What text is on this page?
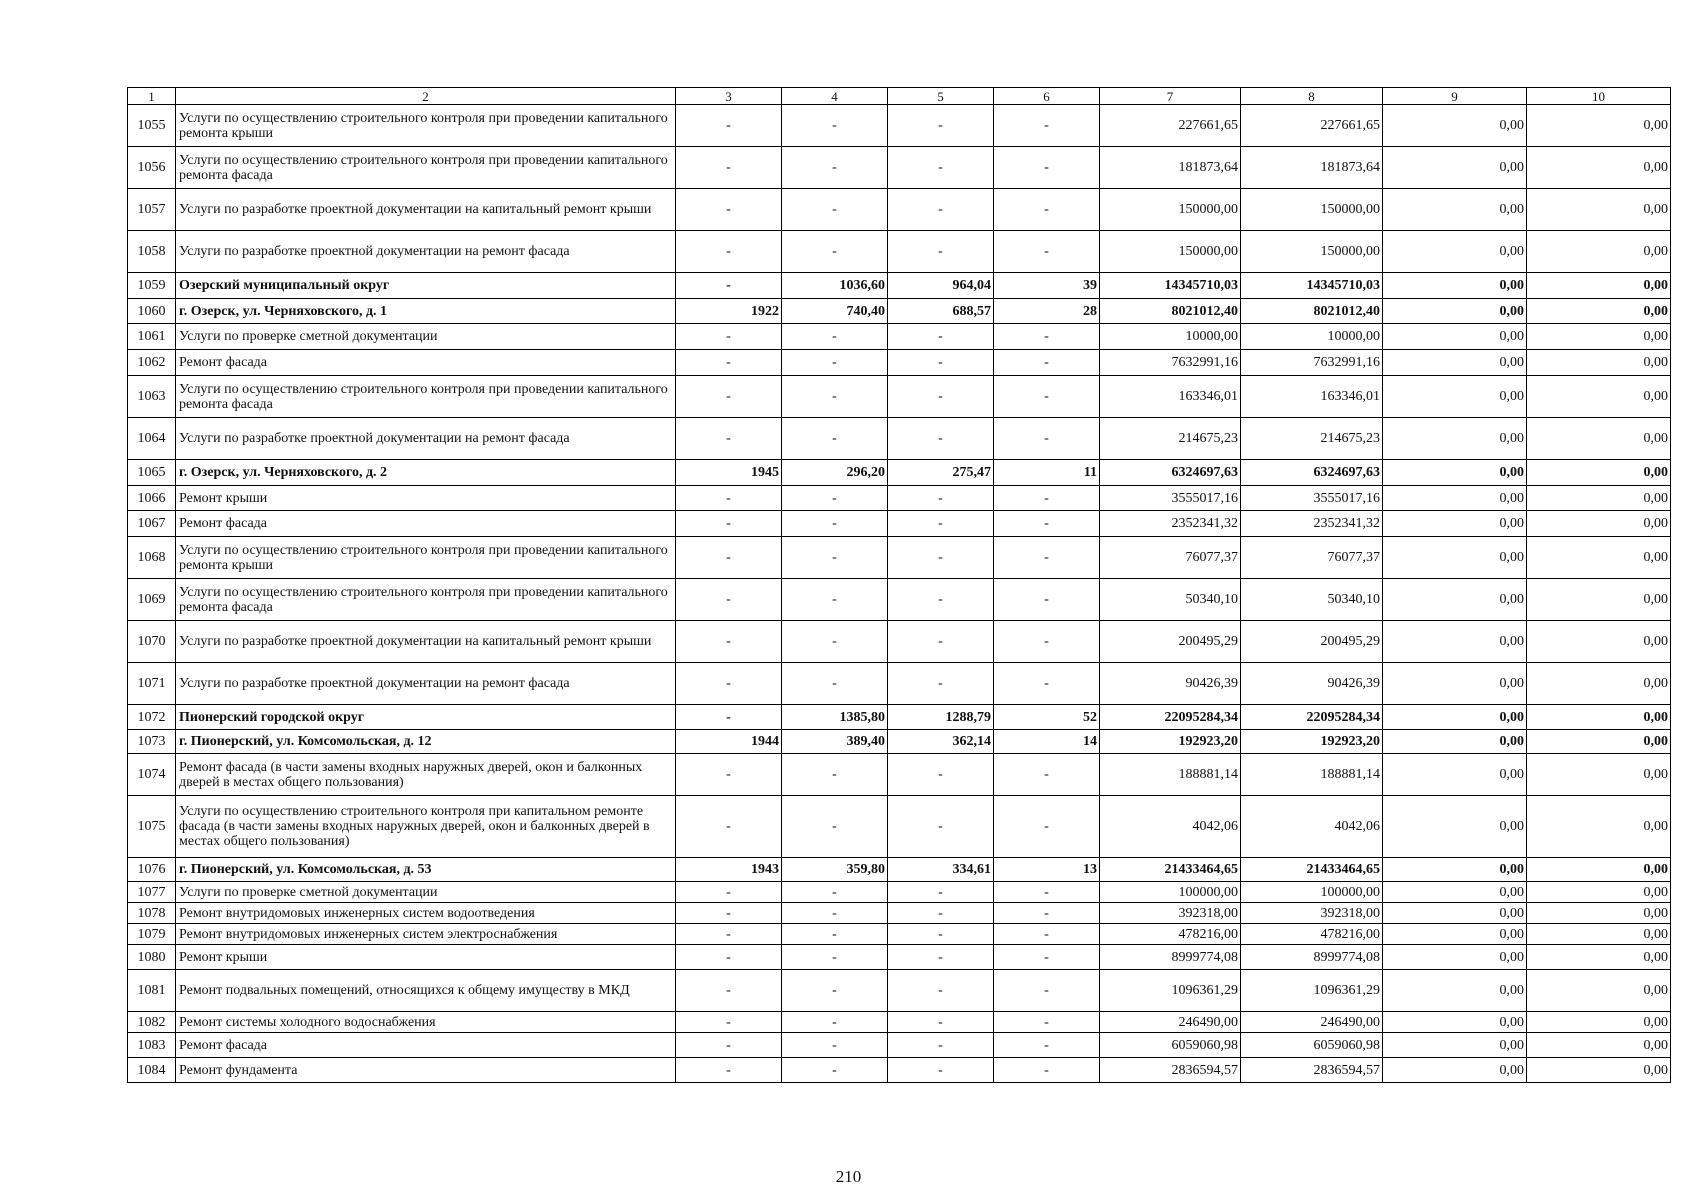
1	2	3	4	5	6	7	8	9	10
1055	Услуги по осуществлению строительного контроля при проведении капитального ремонта крыши	-	-	-	-	227661,65	227661,65	0,00	0,00
1056	Услуги по осуществлению строительного контроля при проведении капитального ремонта фасада	-	-	-	-	181873,64	181873,64	0,00	0,00
1057	Услуги по разработке проектной документации на капитальный ремонт крыши	-	-	-	-	150000,00	150000,00	0,00	0,00
1058	Услуги по разработке проектной документации на ремонт фасада	-	-	-	-	150000,00	150000,00	0,00	0,00
1059	Озерский муниципальный округ	-	1036,60	964,04	39	14345710,03	14345710,03	0,00	0,00
1060	г. Озерск, ул. Черняховского, д. 1	1922	740,40	688,57	28	8021012,40	8021012,40	0,00	0,00
1061	Услуги по проверке сметной документации	-	-	-	-	10000,00	10000,00	0,00	0,00
1062	Ремонт фасада	-	-	-	-	7632991,16	7632991,16	0,00	0,00
1063	Услуги по осуществлению строительного контроля при проведении капитального ремонта фасада	-	-	-	-	163346,01	163346,01	0,00	0,00
1064	Услуги по разработке проектной документации на ремонт фасада	-	-	-	-	214675,23	214675,23	0,00	0,00
1065	г. Озерск, ул. Черняховского, д. 2	1945	296,20	275,47	11	6324697,63	6324697,63	0,00	0,00
1066	Ремонт крыши	-	-	-	-	3555017,16	3555017,16	0,00	0,00
1067	Ремонт фасада	-	-	-	-	2352341,32	2352341,32	0,00	0,00
1068	Услуги по осуществлению строительного контроля при проведении капитального ремонта крыши	-	-	-	-	76077,37	76077,37	0,00	0,00
1069	Услуги по осуществлению строительного контроля при проведении капитального ремонта фасада	-	-	-	-	50340,10	50340,10	0,00	0,00
1070	Услуги по разработке проектной документации на капитальный ремонт крыши	-	-	-	-	200495,29	200495,29	0,00	0,00
1071	Услуги по разработке проектной документации на ремонт фасада	-	-	-	-	90426,39	90426,39	0,00	0,00
1072	Пионерский городской округ	-	1385,80	1288,79	52	22095284,34	22095284,34	0,00	0,00
1073	г. Пионерский, ул. Комсомольская, д. 12	1944	389,40	362,14	14	192923,20	192923,20	0,00	0,00
1074	Ремонт фасада (в части замены входных наружных дверей, окон и балконных дверей в местах общего пользования)	-	-	-	-	188881,14	188881,14	0,00	0,00
1075	Услуги по осуществлению строительного контроля при капитальном ремонте фасада (в части замены входных наружных дверей, окон и балконных дверей в местах общего пользования)	-	-	-	-	4042,06	4042,06	0,00	0,00
1076	г. Пионерский, ул. Комсомольская, д. 53	1943	359,80	334,61	13	21433464,65	21433464,65	0,00	0,00
1077	Услуги по проверке сметной документации	-	-	-	-	100000,00	100000,00	0,00	0,00
1078	Ремонт внутридомовых инженерных систем водоотведения	-	-	-	-	392318,00	392318,00	0,00	0,00
1079	Ремонт внутридомовых инженерных систем электроснабжения	-	-	-	-	478216,00	478216,00	0,00	0,00
1080	Ремонт крыши	-	-	-	-	8999774,08	8999774,08	0,00	0,00
1081	Ремонт подвальных помещений, относящихся к общему имуществу в МКД	-	-	-	-	1096361,29	1096361,29	0,00	0,00
1082	Ремонт системы холодного водоснабжения	-	-	-	-	246490,00	246490,00	0,00	0,00
1083	Ремонт фасада	-	-	-	-	6059060,98	6059060,98	0,00	0,00
1084	Ремонт фундамента	-	-	-	-	2836594,57	2836594,57	0,00	0,00
210
